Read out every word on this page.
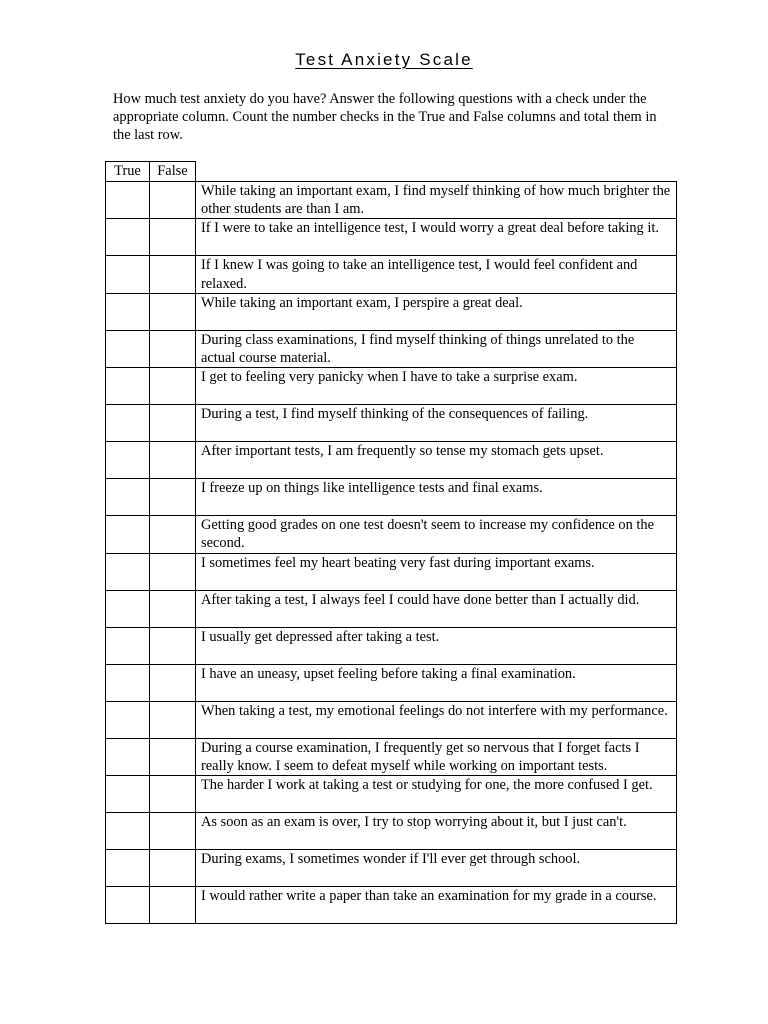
Test Anxiety Scale
How much test anxiety do you have? Answer the following questions with a check under the appropriate column. Count the number checks in the True and False columns and total them in the last row.
True	False	
		While taking an important exam, I find myself thinking of how much brighter the other students are than I am.
		If I were to take an intelligence test, I would worry a great deal before taking it.
		If I knew I was going to take an intelligence test, I would feel confident and relaxed.
		While taking an important exam, I perspire a great deal.
		During class examinations, I find myself thinking of things unrelated to the actual course material.
		I get to feeling very panicky when I have to take a surprise exam.
		During a test, I find myself thinking of the consequences of failing.
		After important tests, I am frequently so tense my stomach gets upset.
		I freeze up on things like intelligence tests and final exams.
		Getting good grades on one test doesn't seem to increase my confidence on the second.
		I sometimes feel my heart beating very fast during important exams.
		After taking a test, I always feel I could have done better than I actually did.
		I usually get depressed after taking a test.
		I have an uneasy, upset feeling before taking a final examination.
		When taking a test, my emotional feelings do not interfere with my performance.
		During a course examination, I frequently get so nervous that I forget facts I really know. I seem to defeat myself while working on important tests.
		The harder I work at taking a test or studying for one, the more confused I get.
		As soon as an exam is over, I try to stop worrying about it, but I just can't.
		During exams, I sometimes wonder if I'll ever get through school.
		I would rather write a paper than take an examination for my grade in a course.
